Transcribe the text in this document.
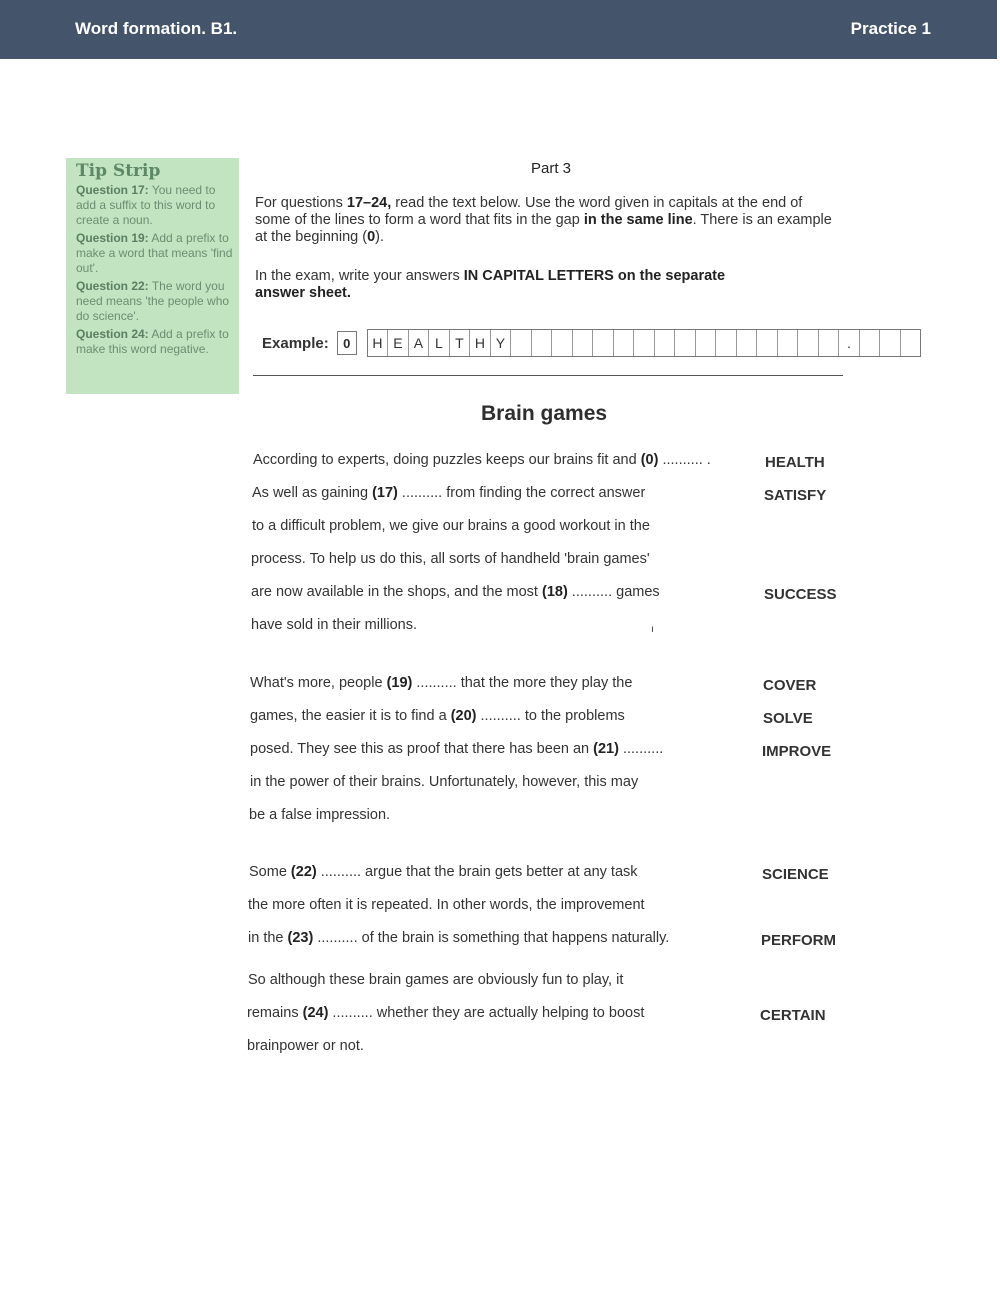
Word formation. B1.	Practice 1
Tip Strip

Question 17: You need to add a suffix to this word to create a noun.

Question 19: Add a prefix to make a word that means 'find out'.

Question 22: The word you need means 'the people who do science'.

Question 24: Add a prefix to make this word negative.

Part 3
For questions 17–24, read the text below. Use the word given in capitals at the end of some of the lines to form a word that fits in the gap in the same line. There is an example at the beginning (0).
In the exam, write your answers IN CAPITAL LETTERS on the separate answer sheet.
Example:	0	H E A L T H Y	.
Brain games
According to experts, doing puzzles keeps our brains fit and (0) .......... .
As well as gaining (17) .......... from finding the correct answer
to a difficult problem, we give our brains a good workout in the
process. To help us do this, all sorts of handheld 'brain games'
are now available in the shops, and the most (18) .......... games
have sold in their millions.
What's more, people (19) .......... that the more they play the
games, the easier it is to find a (20) .......... to the problems
posed. They see this as proof that there has been an (21) ..........
in the power of their brains. Unfortunately, however, this may
be a false impression.
Some (22) .......... argue that the brain gets better at any task
the more often it is repeated. In other words, the improvement
in the (23) .......... of the brain is something that happens naturally.
So although these brain games are obviously fun to play, it
remains (24) .......... whether they are actually helping to boost
brainpower or not.
HEALTH
SATISFY
SUCCESS
COVER
SOLVE
IMPROVE
SCIENCE
PERFORM
CERTAIN
ı
